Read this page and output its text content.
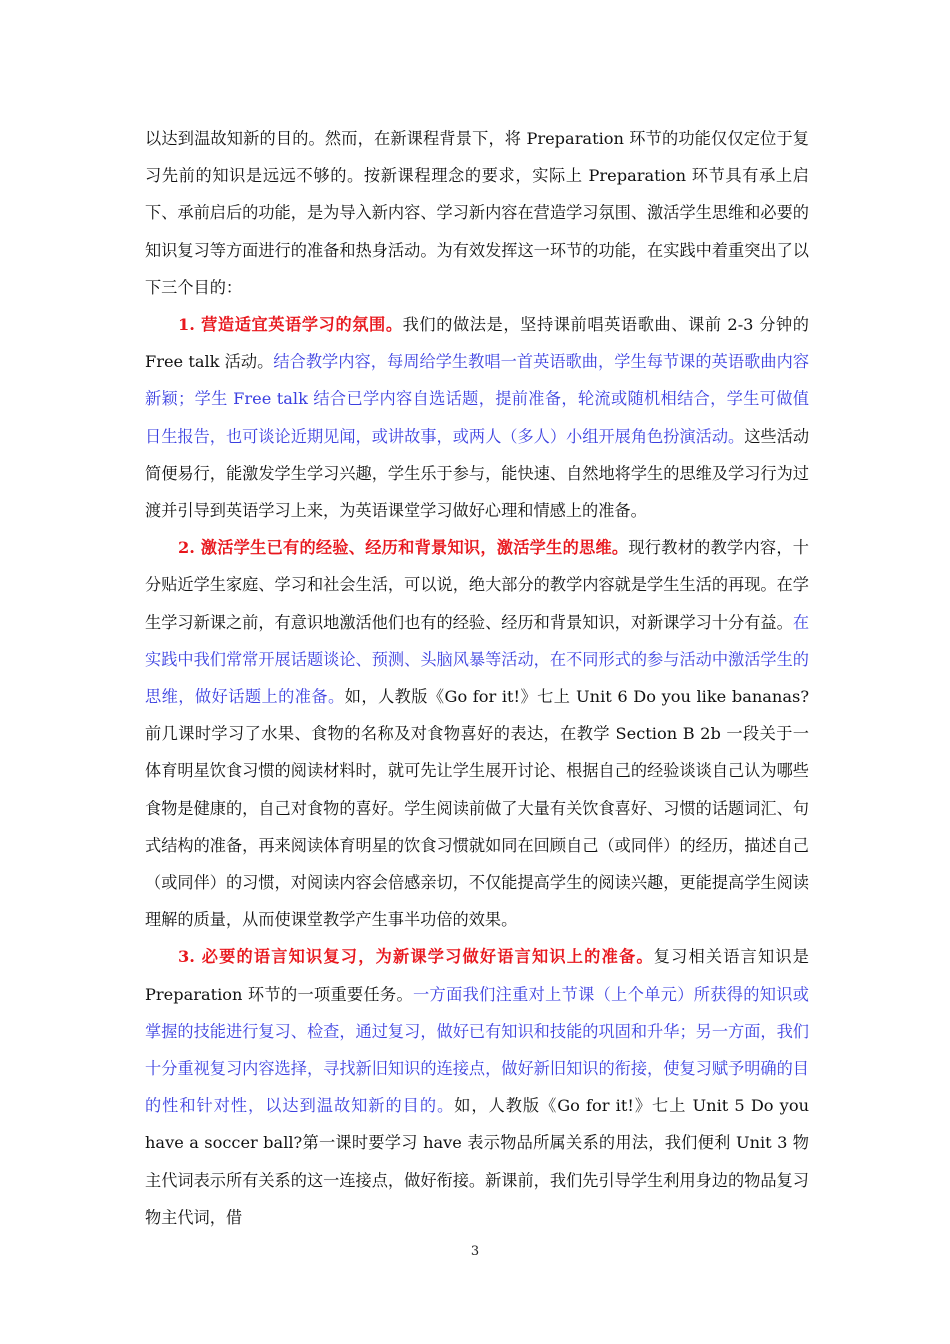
以达到温故知新的目的。然而，在新课程背景下，将 Preparation 环节的功能仅仅定位于复习先前的知识是远远不够的。按新课程理念的要求，实际上 Preparation 环节具有承上启下、承前启后的功能，是为导入新内容、学习新内容在营造学习氛围、激活学生思维和必要的知识复习等方面进行的准备和热身活动。为有效发挥这一环节的功能，在实践中着重突出了以下三个目的：

1. 营造适宜英语学习的氛围。我们的做法是，坚持课前唱英语歌曲、课前 2-3 分钟的 Free talk 活动。结合教学内容，每周给学生教唱一首英语歌曲，学生每节课的英语歌曲内容新颖；学生 Free talk 结合已学内容自选话题，提前准备，轮流或随机相结合，学生可做值日生报告，也可谈论近期见闻，或讲故事，或两人（多人）小组开展角色扮演活动。这些活动简便易行，能激发学生学习兴趣，学生乐于参与，能快速、自然地将学生的思维及学习行为过渡并引导到英语学习上来，为英语课堂学习做好心理和情感上的准备。

2. 激活学生已有的经验、经历和背景知识，激活学生的思维。现行教材的教学内容，十分贴近学生家庭、学习和社会生活，可以说，绝大部分的教学内容就是学生生活的再现。在学生学习新课之前，有意识地激活他们也有的经验、经历和背景知识，对新课学习十分有益。在实践中我们常常开展话题谈论、预测、头脑风暴等活动，在不同形式的参与活动中激活学生的思维，做好话题上的准备。如，人教版《Go for it!》七上 Unit 6 Do you like bananas? 前几课时学习了水果、食物的名称及对食物喜好的表达，在教学 Section B 2b 一段关于一体育明星饮食习惯的阅读材料时，就可先让学生展开讨论、根据自己的经验谈谈自己认为哪些食物是健康的，自己对食物的喜好。学生阅读前做了大量有关饮食喜好、习惯的话题词汇、句式结构的准备，再来阅读体育明星的饮食习惯就如同在回顾自己（或同伴）的经历，描述自己（或同伴）的习惯，对阅读内容会倍感亲切，不仅能提高学生的阅读兴趣，更能提高学生阅读理解的质量，从而使课堂教学产生事半功倍的效果。

3. 必要的语言知识复习，为新课学习做好语言知识上的准备。复习相关语言知识是 Preparation 环节的一项重要任务。一方面我们注重对上节课（上个单元）所获得的知识或掌握的技能进行复习、检查，通过复习，做好已有知识和技能的巩固和升华；另一方面，我们十分重视复习内容选择，寻找新旧知识的连接点，做好新旧知识的衔接，使复习赋予明确的目的性和针对性，以达到温故知新的目的。如，人教版《Go for it!》七上 Unit 5 Do you have a soccer ball?第一课时要学习 have 表示物品所属关系的用法，我们便利 Unit 3 物主代词表示所有关系的这一连接点，做好衔接。新课前，我们先引导学生利用身边的物品复习物主代词，借

3
